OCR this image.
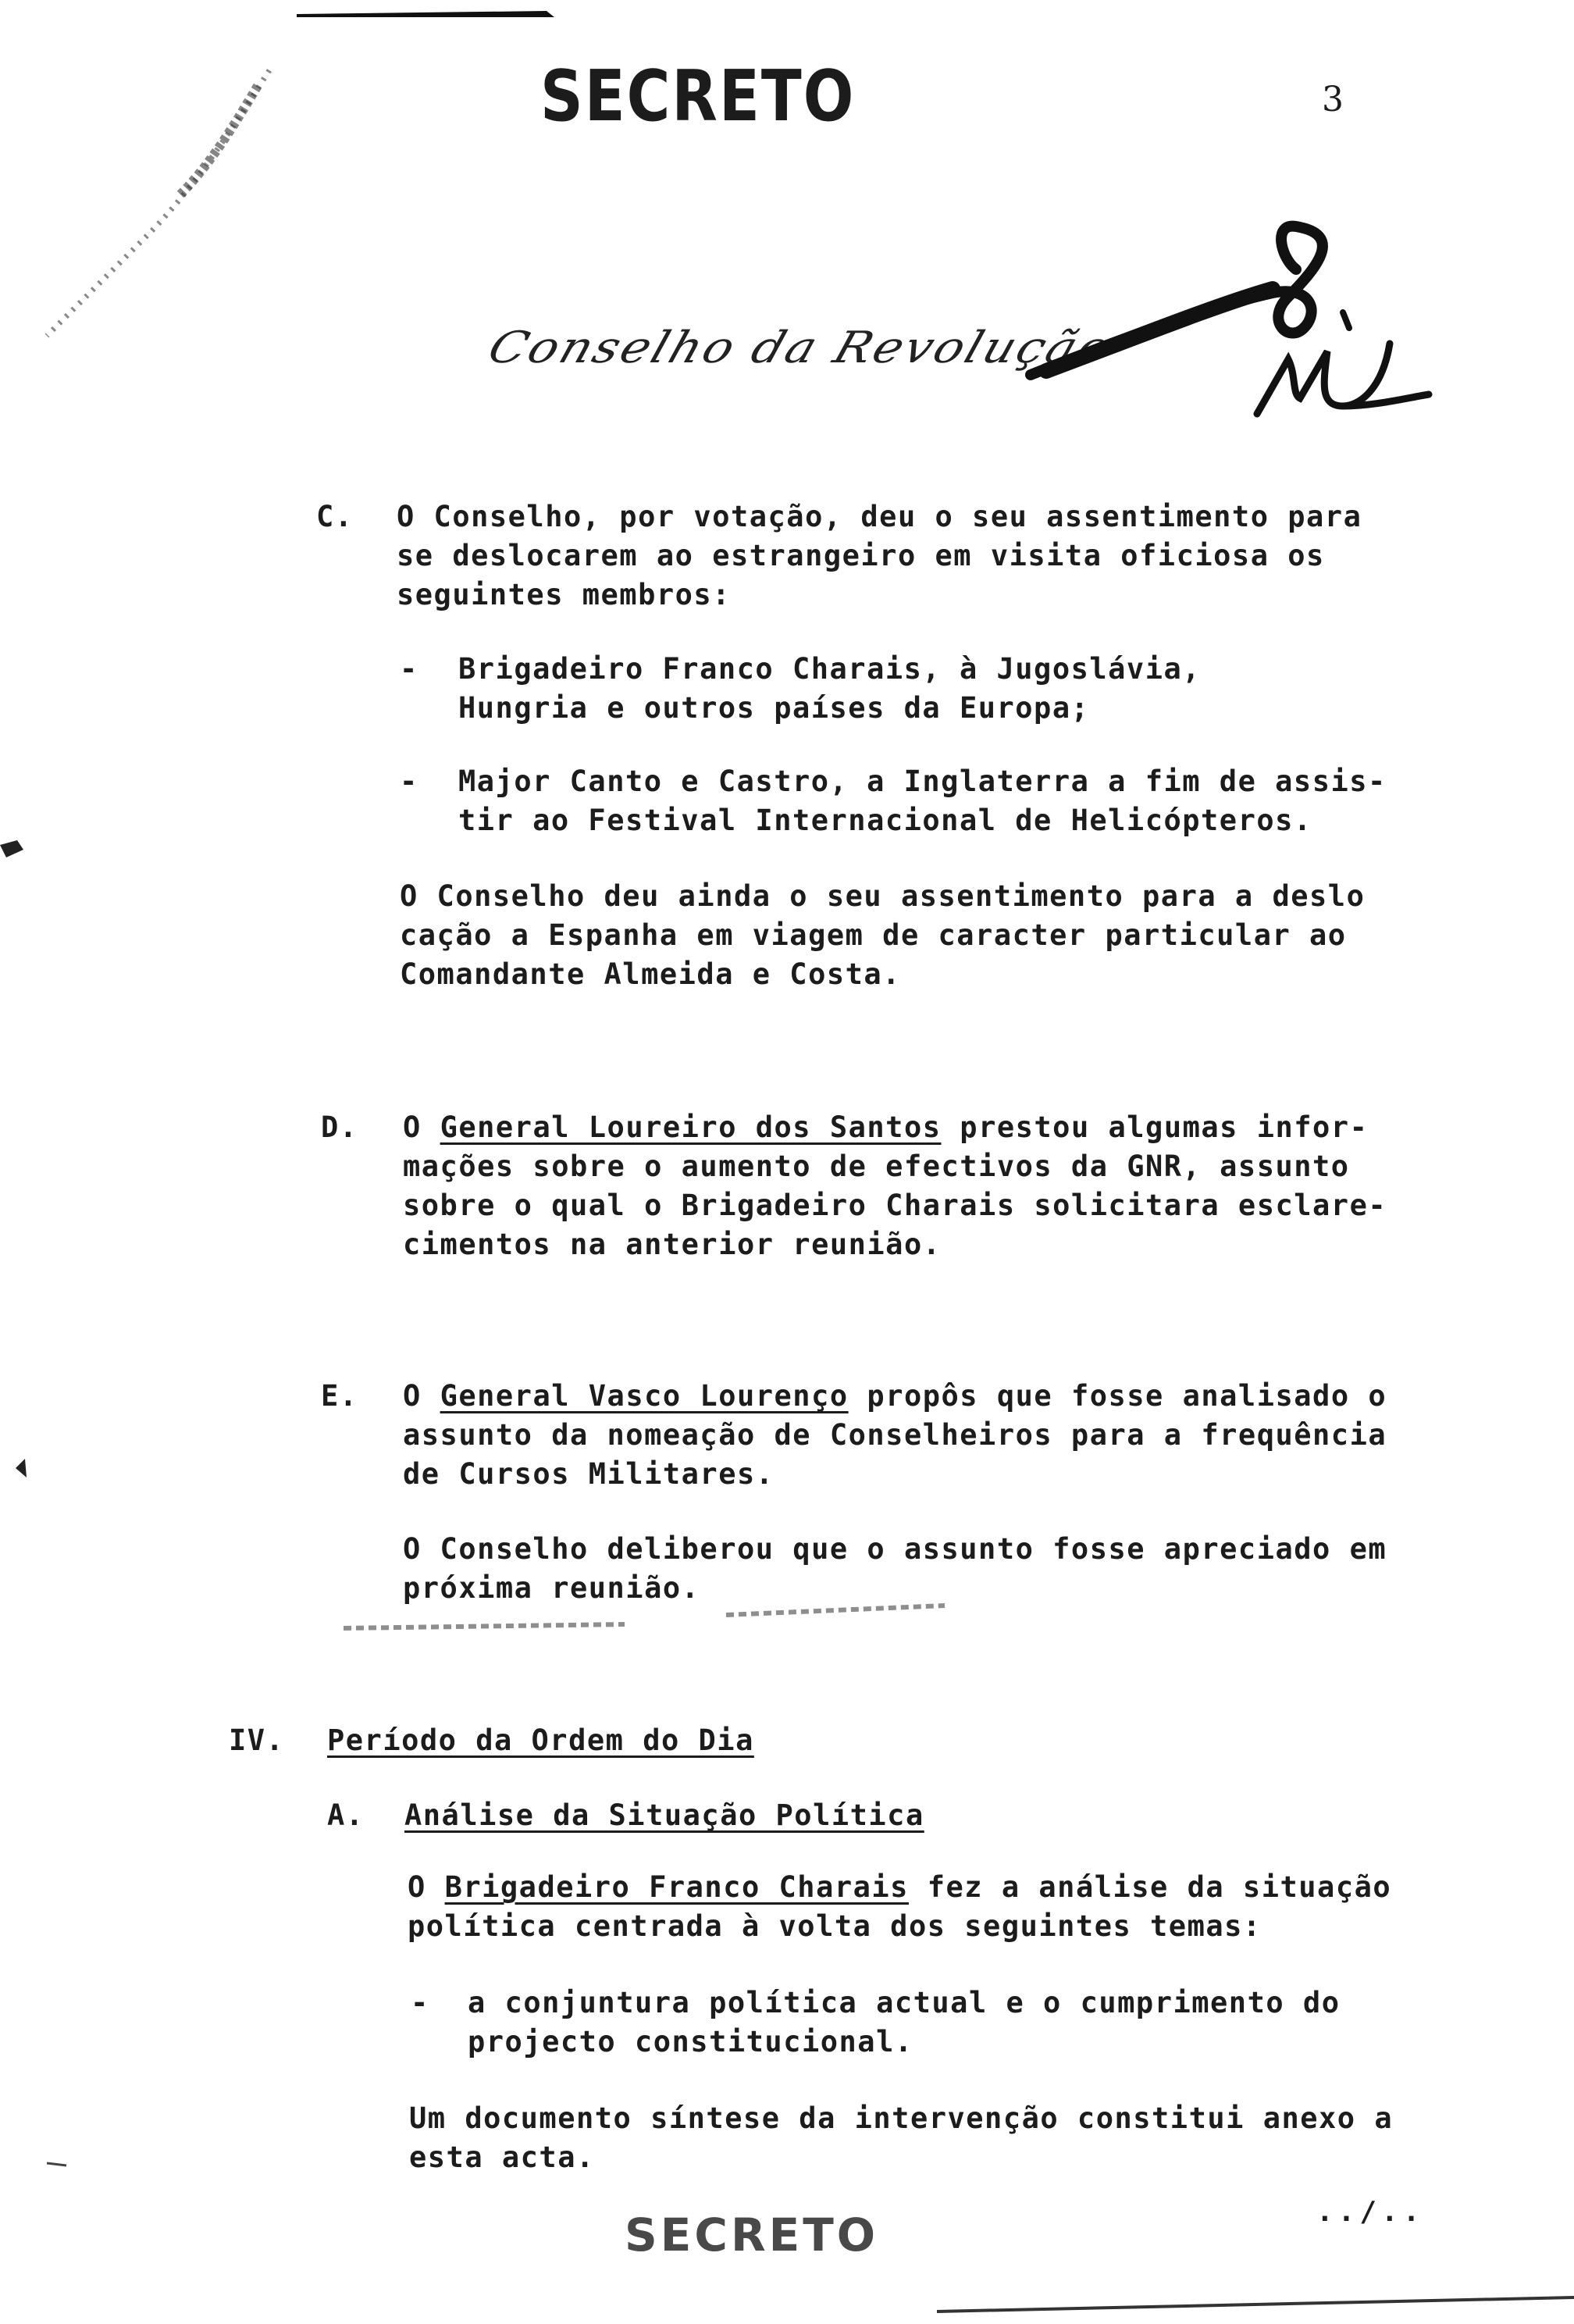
SECRETO	3
Conselho da Revolução
C. O Conselho, por votação, deu o seu assentimento para
se deslocarem ao estrangeiro em visita oficiosa os
seguintes membros:
- Brigadeiro Franco Charais, à Jugoslávia,
Hungria e outros países da Europa;
- Major Canto e Castro, a Inglaterra a fim de assis-
tir ao Festival Internacional de Helicópteros.
O Conselho deu ainda o seu assentimento para a deslo
cação a Espanha em viagem de caracter particular ao
Comandante Almeida e Costa.
D. O General Loureiro dos Santos prestou algumas infor-
mações sobre o aumento de efectivos da GNR, assunto
sobre o qual o Brigadeiro Charais solicitara esclare-
cimentos na anterior reunião.
E. O General Vasco Lourenço propôs que fosse analisado o
assunto da nomeação de Conselheiros para a frequência
de Cursos Militares.
O Conselho deliberou que o assunto fosse apreciado em
próxima reunião.
IV. Período da Ordem do Dia
A. Análise da Situação Política
O Brigadeiro Franco Charais fez a análise da situação
política centrada à volta dos seguintes temas:
- a conjuntura política actual e o cumprimento do
projecto constitucional.
Um documento síntese da intervenção constitui anexo a
esta acta.
SECRETO	../..
